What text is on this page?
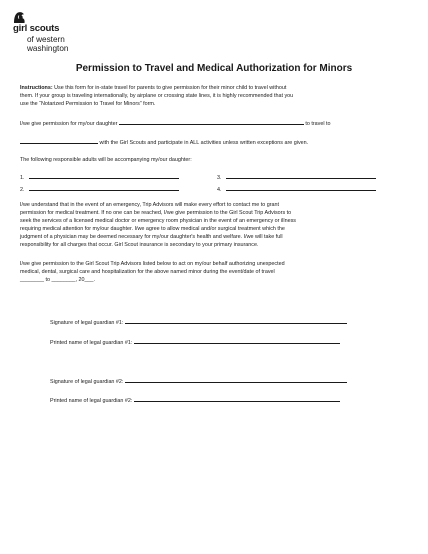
girl scouts
of western
washington
Permission to Travel and Medical Authorization for Minors
Instructions: Use this form for in-state travel for parents to give permission for their minor child to travel without
them. If your group is traveling internationally, by airplane or crossing state lines, it is highly recommended that you
use the “Notarized Permission to Travel for Minors” form.
I/we give permission for my/our daughter	to travel to
with the Girl Scouts and participate in ALL activities unless written exceptions are given.
The following responsible adults will be accompanying my/our daughter:
1.	3.
2.	4.
I/we understand that in the event of an emergency, Trip Advisors will make every effort to contact me to grant
permission for medical treatment. If no one can be reached, I/we give permission to the Girl Scout Trip Advisors to
seek the services of a licensed medical doctor or emergency room physician in the event of an emergency or illness
requiring medical attention for my/our daughter. I/we agree to allow medical and/or surgical treatment which the
judgment of a physician may be deemed necessary for my/our daughter's health and welfare. I/we will take full
responsibility for all charges that occur. Girl Scout insurance is secondary to your primary insurance.
I/we give permission to the Girl Scout Trip Advisors listed below to act on my/our behalf authorizing unexpected
medical, dental, surgical care and hospitalization for the above named minor during the event/date of travel
________ to ________, 20___.
Signature of legal guardian #1:
Printed name of legal guardian #1:
Signature of legal guardian #2:
Printed name of legal guardian #2:
